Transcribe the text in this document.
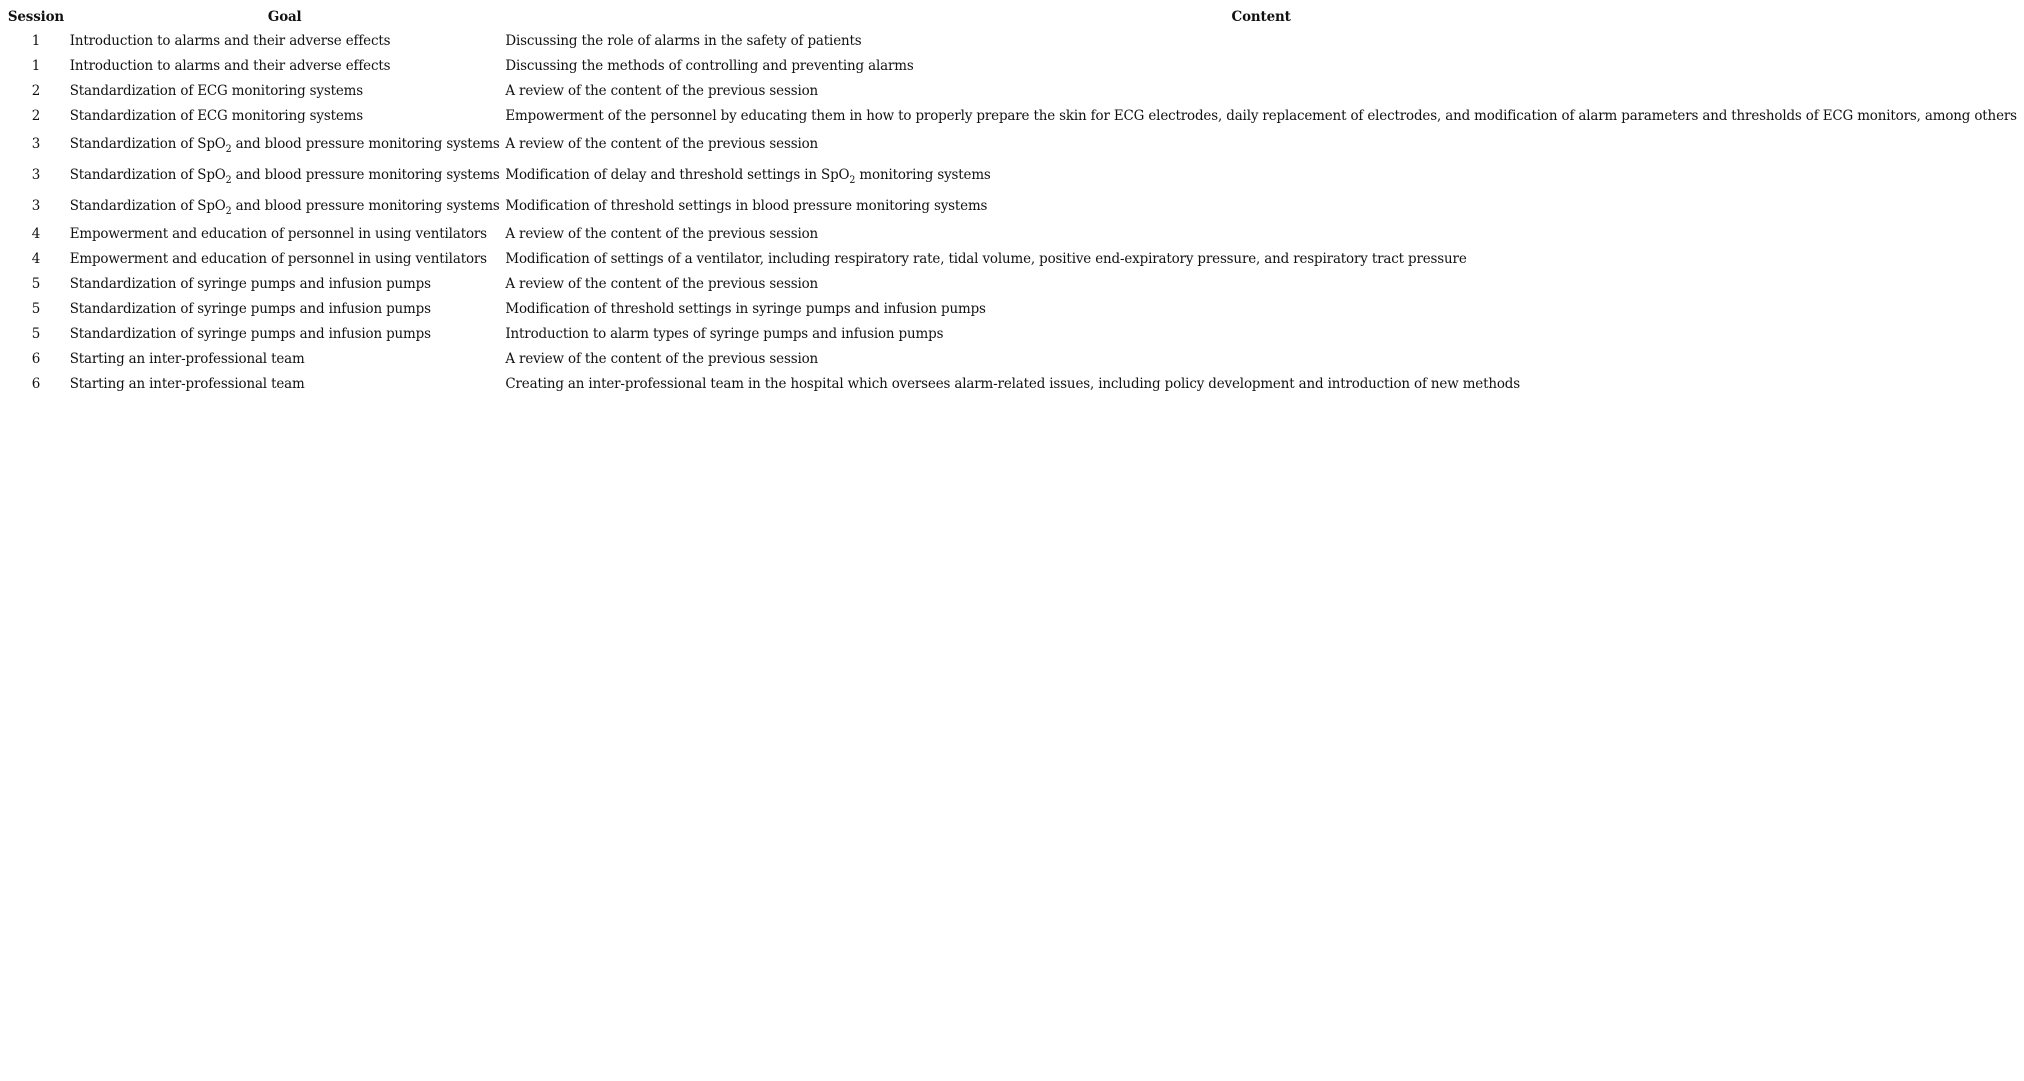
Session	Goal	Content
1	Introduction to alarms and their adverse effects	Discussing the role of alarms in the safety of patients
1	Introduction to alarms and their adverse effects	Discussing the methods of controlling and preventing alarms
2	Standardization of ECG monitoring systems	A review of the content of the previous session
2	Standardization of ECG monitoring systems	Empowerment of the personnel by educating them in how to properly prepare the skin for ECG electrodes, daily replacement of electrodes, and modification of alarm parameters and thresholds of ECG monitors, among others
3	Standardization of SpO$_2$ and blood pressure monitoring systems	A review of the content of the previous session
3	Standardization of SpO$_2$ and blood pressure monitoring systems	Modification of delay and threshold settings in SpO$_2$ monitoring systems
3	Standardization of SpO$_2$ and blood pressure monitoring systems	Modification of threshold settings in blood pressure monitoring systems
4	Empowerment and education of personnel in using ventilators	A review of the content of the previous session
4	Empowerment and education of personnel in using ventilators	Modification of settings of a ventilator, including respiratory rate, tidal volume, positive end-expiratory pressure, and respiratory tract pressure
5	Standardization of syringe pumps and infusion pumps	A review of the content of the previous session
5	Standardization of syringe pumps and infusion pumps	Modification of threshold settings in syringe pumps and infusion pumps
5	Standardization of syringe pumps and infusion pumps	Introduction to alarm types of syringe pumps and infusion pumps
6	Starting an inter-professional team	A review of the content of the previous session
6	Starting an inter-professional team	Creating an inter-professional team in the hospital which oversees alarm-related issues, including policy development and introduction of new methods
